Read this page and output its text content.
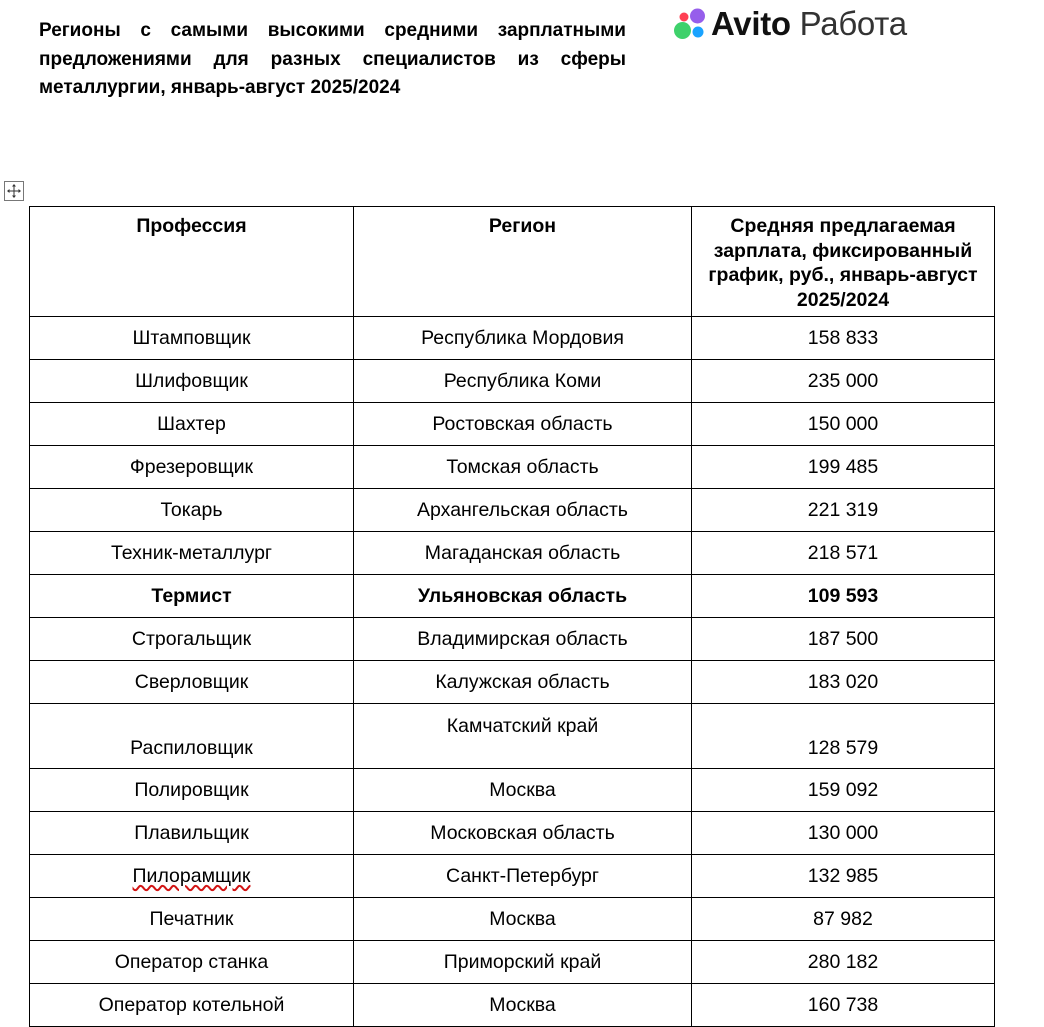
Регионы с самыми высокими средними зарплатными предложениями для разных специалистов из сферы металлургии, январь-август 2025/2024
Avito Работа
Профессия	Регион	Средняя предлагаемая зарплата, фиксированный график, руб., январь-август 2025/2024
Штамповщик	Республика Мордовия	158 833
Шлифовщик	Республика Коми	235 000
Шахтер	Ростовская область	150 000
Фрезеровщик	Томская область	199 485
Токарь	Архангельская область	221 319
Техник-металлург	Магаданская область	218 571
Термист	Ульяновская область	109 593
Строгальщик	Владимирская область	187 500
Сверловщик	Калужская область	183 020
Распиловщик	Камчатский край	128 579
Полировщик	Москва	159 092
Плавильщик	Московская область	130 000
Пилорамщик	Санкт-Петербург	132 985
Печатник	Москва	87 982
Оператор станка	Приморский край	280 182
Оператор котельной	Москва	160 738
